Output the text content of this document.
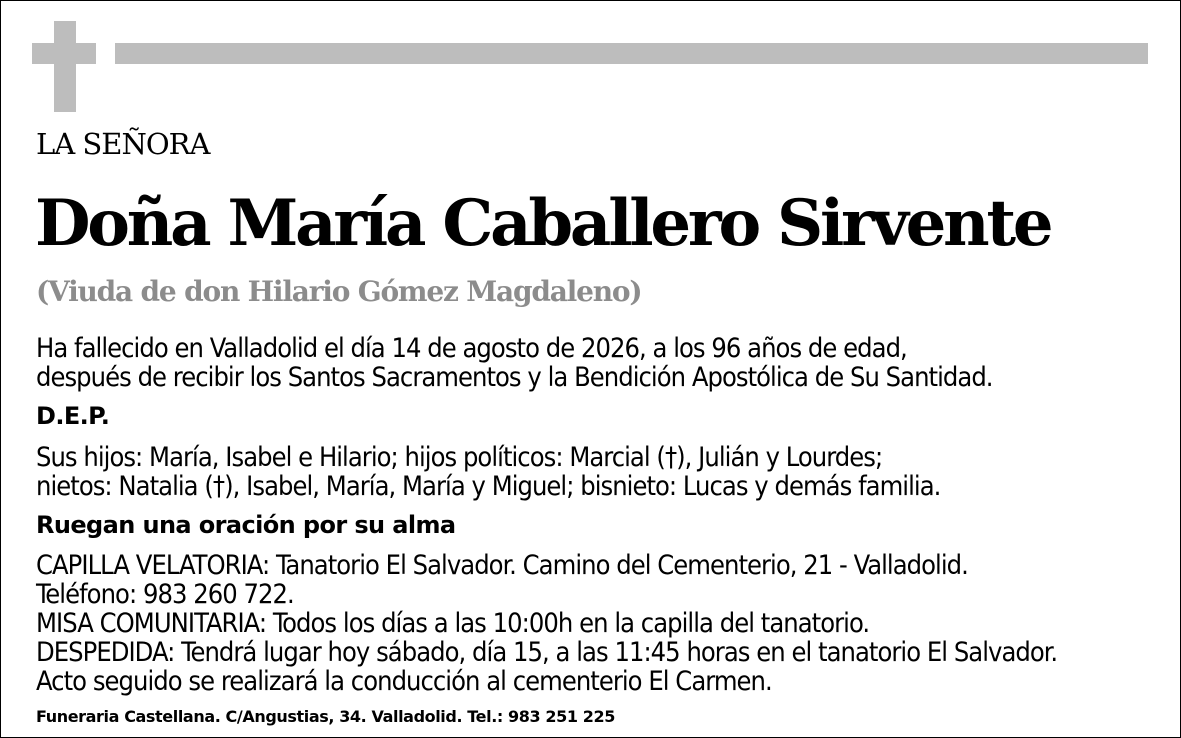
LA SEÑORA
Doña María Caballero Sirvente
(Viuda de don Hilario Gómez Magdaleno)
Ha fallecido en Valladolid el día 14 de agosto de 2026, a los 96 años de edad,
después de recibir los Santos Sacramentos y la Bendición Apostólica de Su Santidad.
D.E.P.
Sus hijos: María, Isabel e Hilario; hijos políticos: Marcial (†), Julián y Lourdes;
nietos: Natalia (†), Isabel, María, María y Miguel; bisnieto: Lucas y demás familia.
Ruegan una oración por su alma
CAPILLA VELATORIA: Tanatorio El Salvador. Camino del Cementerio, 21 - Valladolid.
Teléfono: 983 260 722.
MISA COMUNITARIA: Todos los días a las 10:00h en la capilla del tanatorio.
DESPEDIDA: Tendrá lugar hoy sábado, día 15, a las 11:45 horas en el tanatorio El Salvador.
Acto seguido se realizará la conducción al cementerio El Carmen.
Funeraria Castellana. C/Angustias, 34. Valladolid. Tel.: 983 251 225
